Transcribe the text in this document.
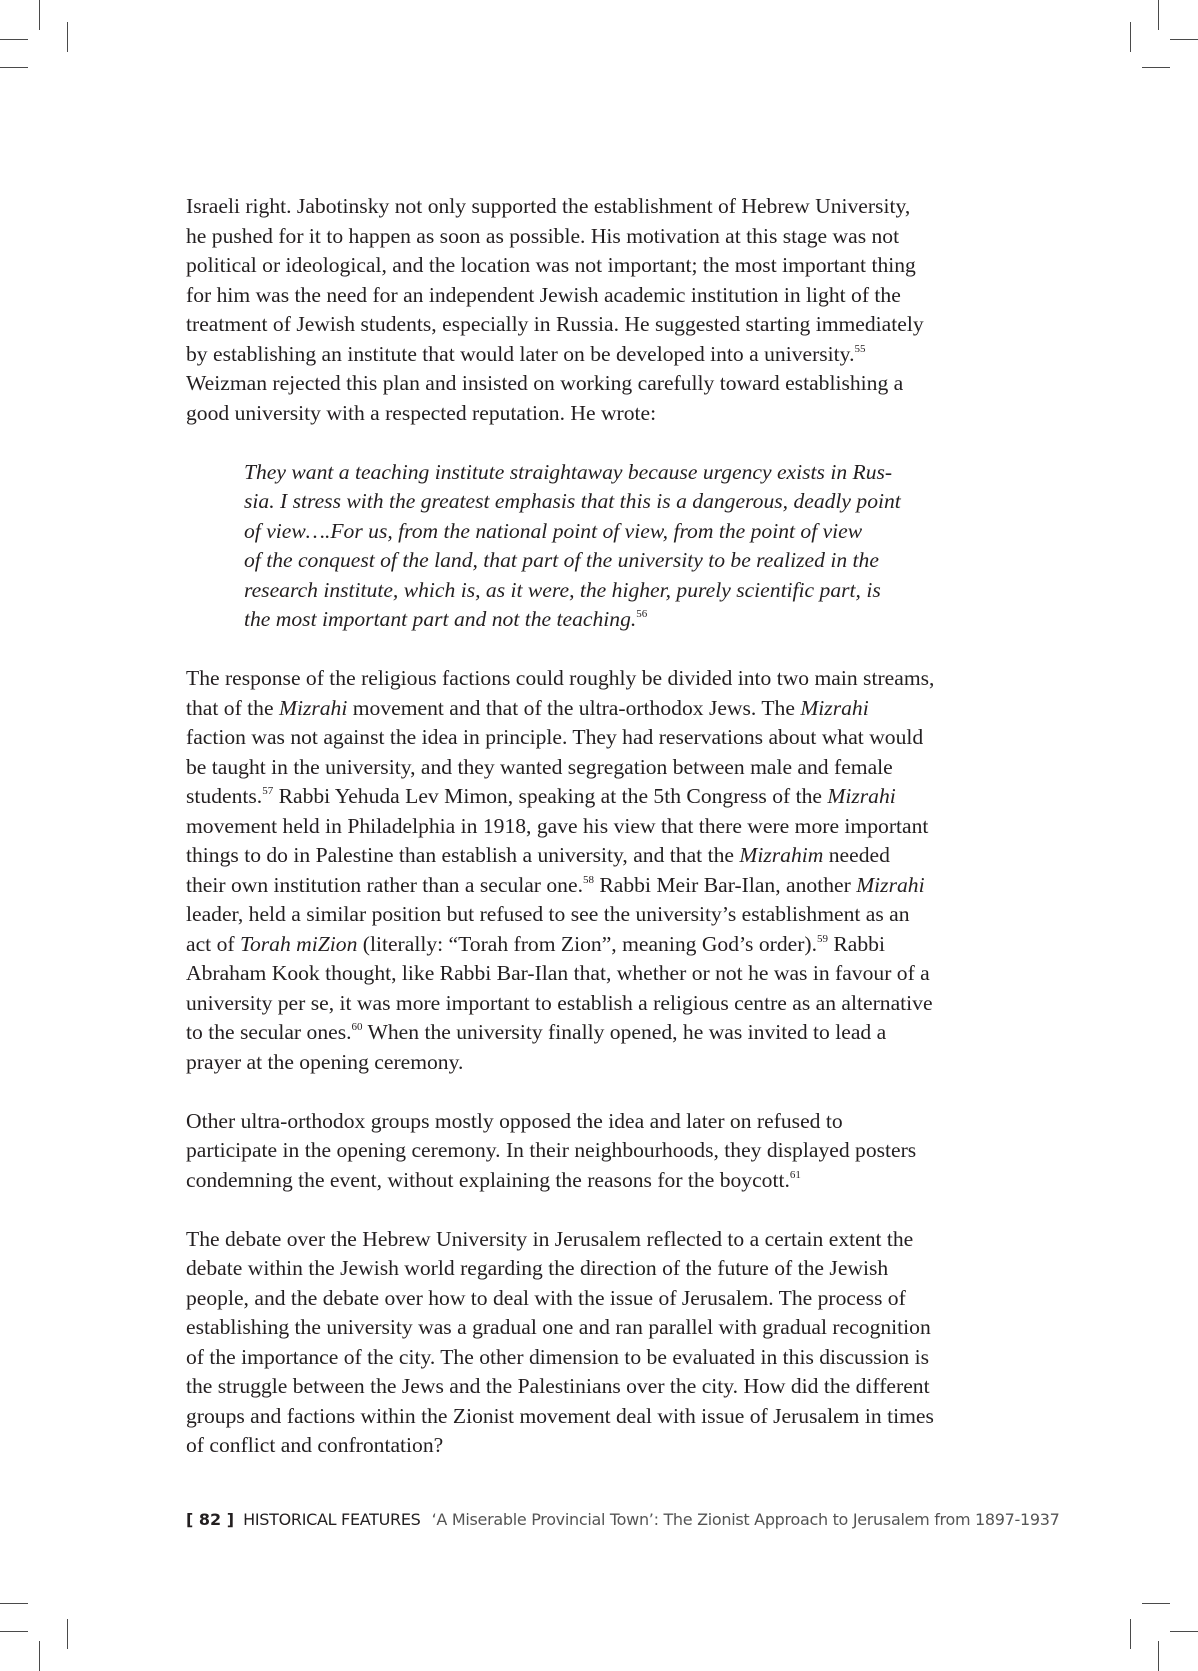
Israeli right. Jabotinsky not only supported the establishment of Hebrew University,
he pushed for it to happen as soon as possible. His motivation at this stage was not
political or ideological, and the location was not important; the most important thing
for him was the need for an independent Jewish academic institution in light of the
treatment of Jewish students, especially in Russia. He suggested starting immediately
by establishing an institute that would later on be developed into a university.$^{55}$
Weizman rejected this plan and insisted on working carefully toward establishing a
good university with a respected reputation. He wrote:

They want a teaching institute straightaway because urgency exists in Rus-
sia. I stress with the greatest emphasis that this is a dangerous, deadly point
of view….For us, from the national point of view, from the point of view
of the conquest of the land, that part of the university to be realized in the
research institute, which is, as it were, the higher, purely scientific part, is
the most important part and not the teaching.$^{56}$

The response of the religious factions could roughly be divided into two main streams,
that of the Mizrahi movement and that of the ultra-orthodox Jews. The Mizrahi
faction was not against the idea in principle. They had reservations about what would
be taught in the university, and they wanted segregation between male and female
students.$^{57}$ Rabbi Yehuda Lev Mimon, speaking at the 5th Congress of the Mizrahi
movement held in Philadelphia in 1918, gave his view that there were more important
things to do in Palestine than establish a university, and that the Mizrahim needed
their own institution rather than a secular one.$^{58}$ Rabbi Meir Bar-Ilan, another Mizrahi
leader, held a similar position but refused to see the university’s establishment as an
act of Torah miZion (literally: “Torah from Zion”, meaning God’s order).$^{59}$ Rabbi
Abraham Kook thought, like Rabbi Bar-Ilan that, whether or not he was in favour of a
university per se, it was more important to establish a religious centre as an alternative
to the secular ones.$^{60}$ When the university finally opened, he was invited to lead a
prayer at the opening ceremony.

Other ultra-orthodox groups mostly opposed the idea and later on refused to
participate in the opening ceremony. In their neighbourhoods, they displayed posters
condemning the event, without explaining the reasons for the boycott.$^{61}$

The debate over the Hebrew University in Jerusalem reflected to a certain extent the
debate within the Jewish world regarding the direction of the future of the Jewish
people, and the debate over how to deal with the issue of Jerusalem. The process of
establishing the university was a gradual one and ran parallel with gradual recognition
of the importance of the city. The other dimension to be evaluated in this discussion is
the struggle between the Jews and the Palestinians over the city. How did the different
groups and factions within the Zionist movement deal with issue of Jerusalem in times
of conflict and confrontation?

[ 82 ] HISTORICAL FEATURES ‘A Miserable Provincial Town’: The Zionist Approach to Jerusalem from 1897-1937
